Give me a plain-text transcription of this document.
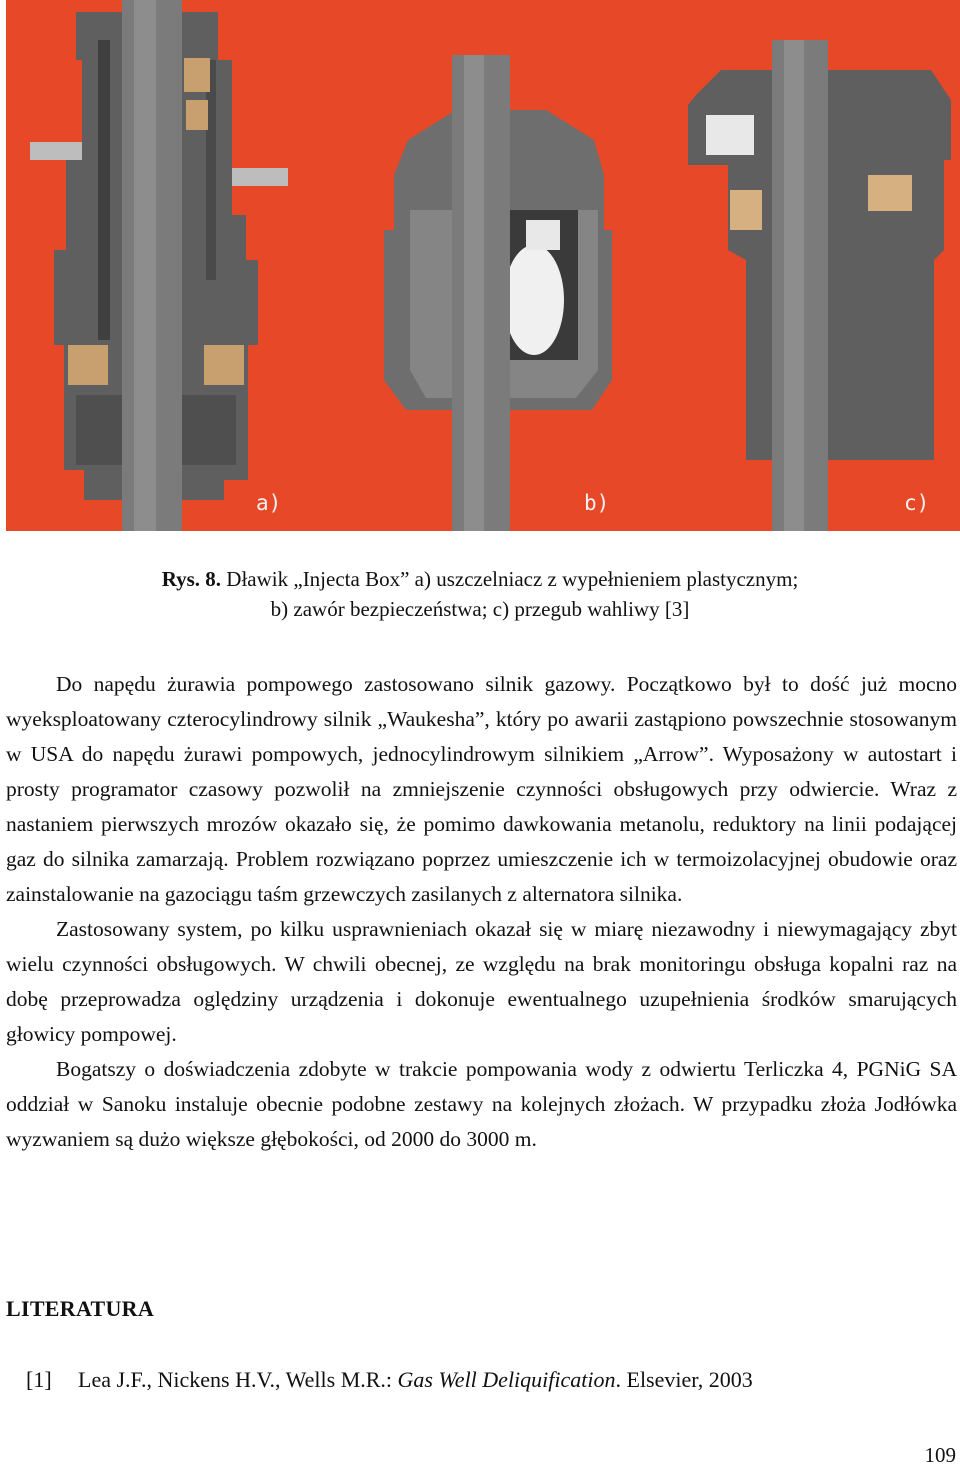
a)	b)	c)
Rys. 8. Dławik „Injecta Box” a) uszczelniacz z wypełnieniem plastycznym;
b) zawór bezpieczeństwa; c) przegub wahliwy [3]

Do napędu żurawia pompowego zastosowano silnik gazowy. Początkowo był to dość już mocno wyeksploatowany czterocylindrowy silnik „Waukesha”, który po awarii zastąpiono powszechnie stosowanym w USA do napędu żurawi pompowych, jednocylindrowym silnikiem „Arrow”. Wyposażony w autostart i prosty programator czasowy pozwolił na zmniejszenie czynności obsługowych przy odwiercie. Wraz z nastaniem pierwszych mrozów okazało się, że pomimo dawkowania metanolu, reduktory na linii podającej gaz do silnika zamarzają. Problem rozwiązano poprzez umieszczenie ich w termoizolacyjnej obudowie oraz zainstalowanie na gazociągu taśm grzewczych zasilanych z alternatora silnika.

Zastosowany system, po kilku usprawnieniach okazał się w miarę niezawodny i niewymagający zbyt wielu czynności obsługowych. W chwili obecnej, ze względu na brak monitoringu obsługa kopalni raz na dobę przeprowadza oględziny urządzenia i dokonuje ewentualnego uzupełnienia środków smarujących głowicy pompowej.

Bogatszy o doświadczenia zdobyte w trakcie pompowania wody z odwiertu Terliczka 4, PGNiG SA oddział w Sanoku instaluje obecnie podobne zestawy na kolejnych złożach. W przypadku złoża Jodłówka wyzwaniem są dużo większe głębokości, od 2000 do 3000 m.

LITERATURA
[1] Lea J.F., Nickens H.V., Wells M.R.: Gas Well Deliquification. Elsevier, 2003
109
